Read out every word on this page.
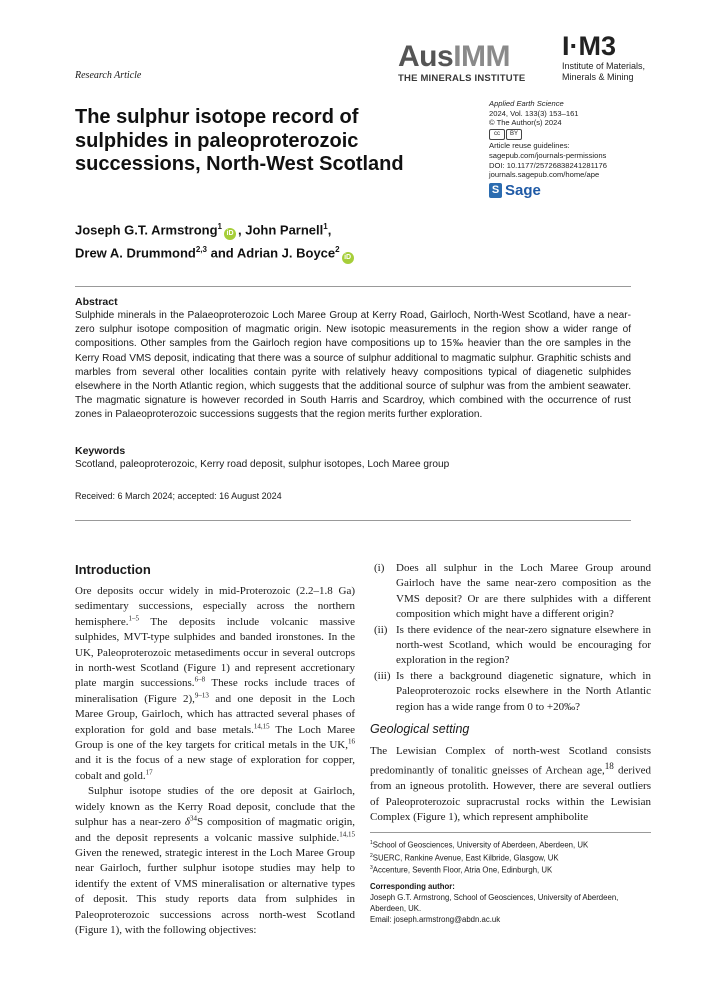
Research Article
AusIMM
THE MINERALS INSTITUTE
I·M3
Institute of Materials,
Minerals & Mining
The sulphur isotope record of sulphides in paleoproterozoic successions, North-West Scotland
Applied Earth Science
2024, Vol. 133(3) 153–161
© The Author(s) 2024
cc	BY
Article reuse guidelines:
sagepub.com/journals-permissions
DOI: 10.1177/25726838241281176
journals.sagepub.com/home/ape
S Sage
Joseph G.T. Armstrong$^1$iD , John Parnell$^1$,
Drew A. Drummond$^{2,3}$ and Adrian J. Boyce$^2$iD
Abstract
Sulphide minerals in the Palaeoproterozoic Loch Maree Group at Kerry Road, Gairloch, North-West Scotland, have a near-zero sulphur isotope composition of magmatic origin. New isotopic measurements in the region show a wider range of compositions. Other samples from the Gairloch region have compositions up to 15‰ heavier than the ore samples in the Kerry Road VMS deposit, indicating that there was a source of sulphur additional to magmatic sulphur. Graphitic schists and marbles from several other localities contain pyrite with relatively heavy compositions typical of diagenetic sulphides elsewhere in the North Atlantic region, which suggests that the additional source of sulphur was from the ambient seawater. The magmatic signature is however recorded in South Harris and Scardroy, which combined with the occurrence of rust zones in Palaeoproterozoic successions suggests that the region merits further exploration.
Keywords
Scotland, paleoproterozoic, Kerry road deposit, sulphur isotopes, Loch Maree group
Received: 6 March 2024; accepted: 16 August 2024
Introduction

Ore deposits occur widely in mid-Proterozoic (2.2–1.8 Ga) sedimentary successions, especially across the northern hemisphere.$^{1-5}$ The deposits include volcanic massive sulphides, MVT-type sulphides and banded ironstones. In the UK, Paleoproterozoic metasediments occur in several outcrops in north-west Scotland (Figure 1) and represent accretionary plate margin successions.$^{6-8}$ These rocks include traces of mineralisation (Figure 2),$^{9-13}$ and one deposit in the Loch Maree Group, Gairloch, which has attracted several phases of exploration for gold and base metals.$^{14,15}$ The Loch Maree Group is one of the key targets for critical metals in the UK,$^{16}$ and it is the focus of a new stage of exploration for copper, cobalt and gold.$^{17}$

Sulphur isotope studies of the ore deposit at Gairloch, widely known as the Kerry Road deposit, conclude that the sulphur has a near-zero $\delta^{34}S$ composition of magmatic origin, and the deposit represents a volcanic massive sulphide.$^{14,15}$ Given the renewed, strategic interest in the Loch Maree Group near Gairloch, further sulphur isotope studies may help to identify the extent of VMS mineralisation or alternative types of deposit. This study reports data from sulphides in Paleoproterozoic successions across north-west Scotland (Figure 1), with the following objectives:

(i)	Does all sulphur in the Loch Maree Group around Gairloch have the same near-zero composition as the VMS deposit? Or are there sulphides with a different composition which might have a different origin?
(ii) Is there evidence of the near-zero signature elsewhere in north-west Scotland, which would be encouraging for exploration in the region?
(iii) Is there a background diagenetic signature, which in Paleoproterozoic rocks elsewhere in the North Atlantic region has a wide range from 0 to +20‰?
Geological setting
The Lewisian Complex of north-west Scotland consists predominantly of tonalitic gneisses of Archean age,$^{18}$ derived from an igneous protolith. However, there are several outliers of Paleoproterozoic supracrustal rocks within the Lewisian Complex (Figure 1), which represent amphibolite
$^1$School of Geosciences, University of Aberdeen, Aberdeen, UK
$^2$SUERC, Rankine Avenue, East Kilbride, Glasgow, UK
$^3$Accenture, Seventh Floor, Atria One, Edinburgh, UK
Corresponding author:
Joseph G.T. Armstrong, School of Geosciences, University of Aberdeen, Aberdeen, UK.
Email: joseph.armstrong@abdn.ac.uk
